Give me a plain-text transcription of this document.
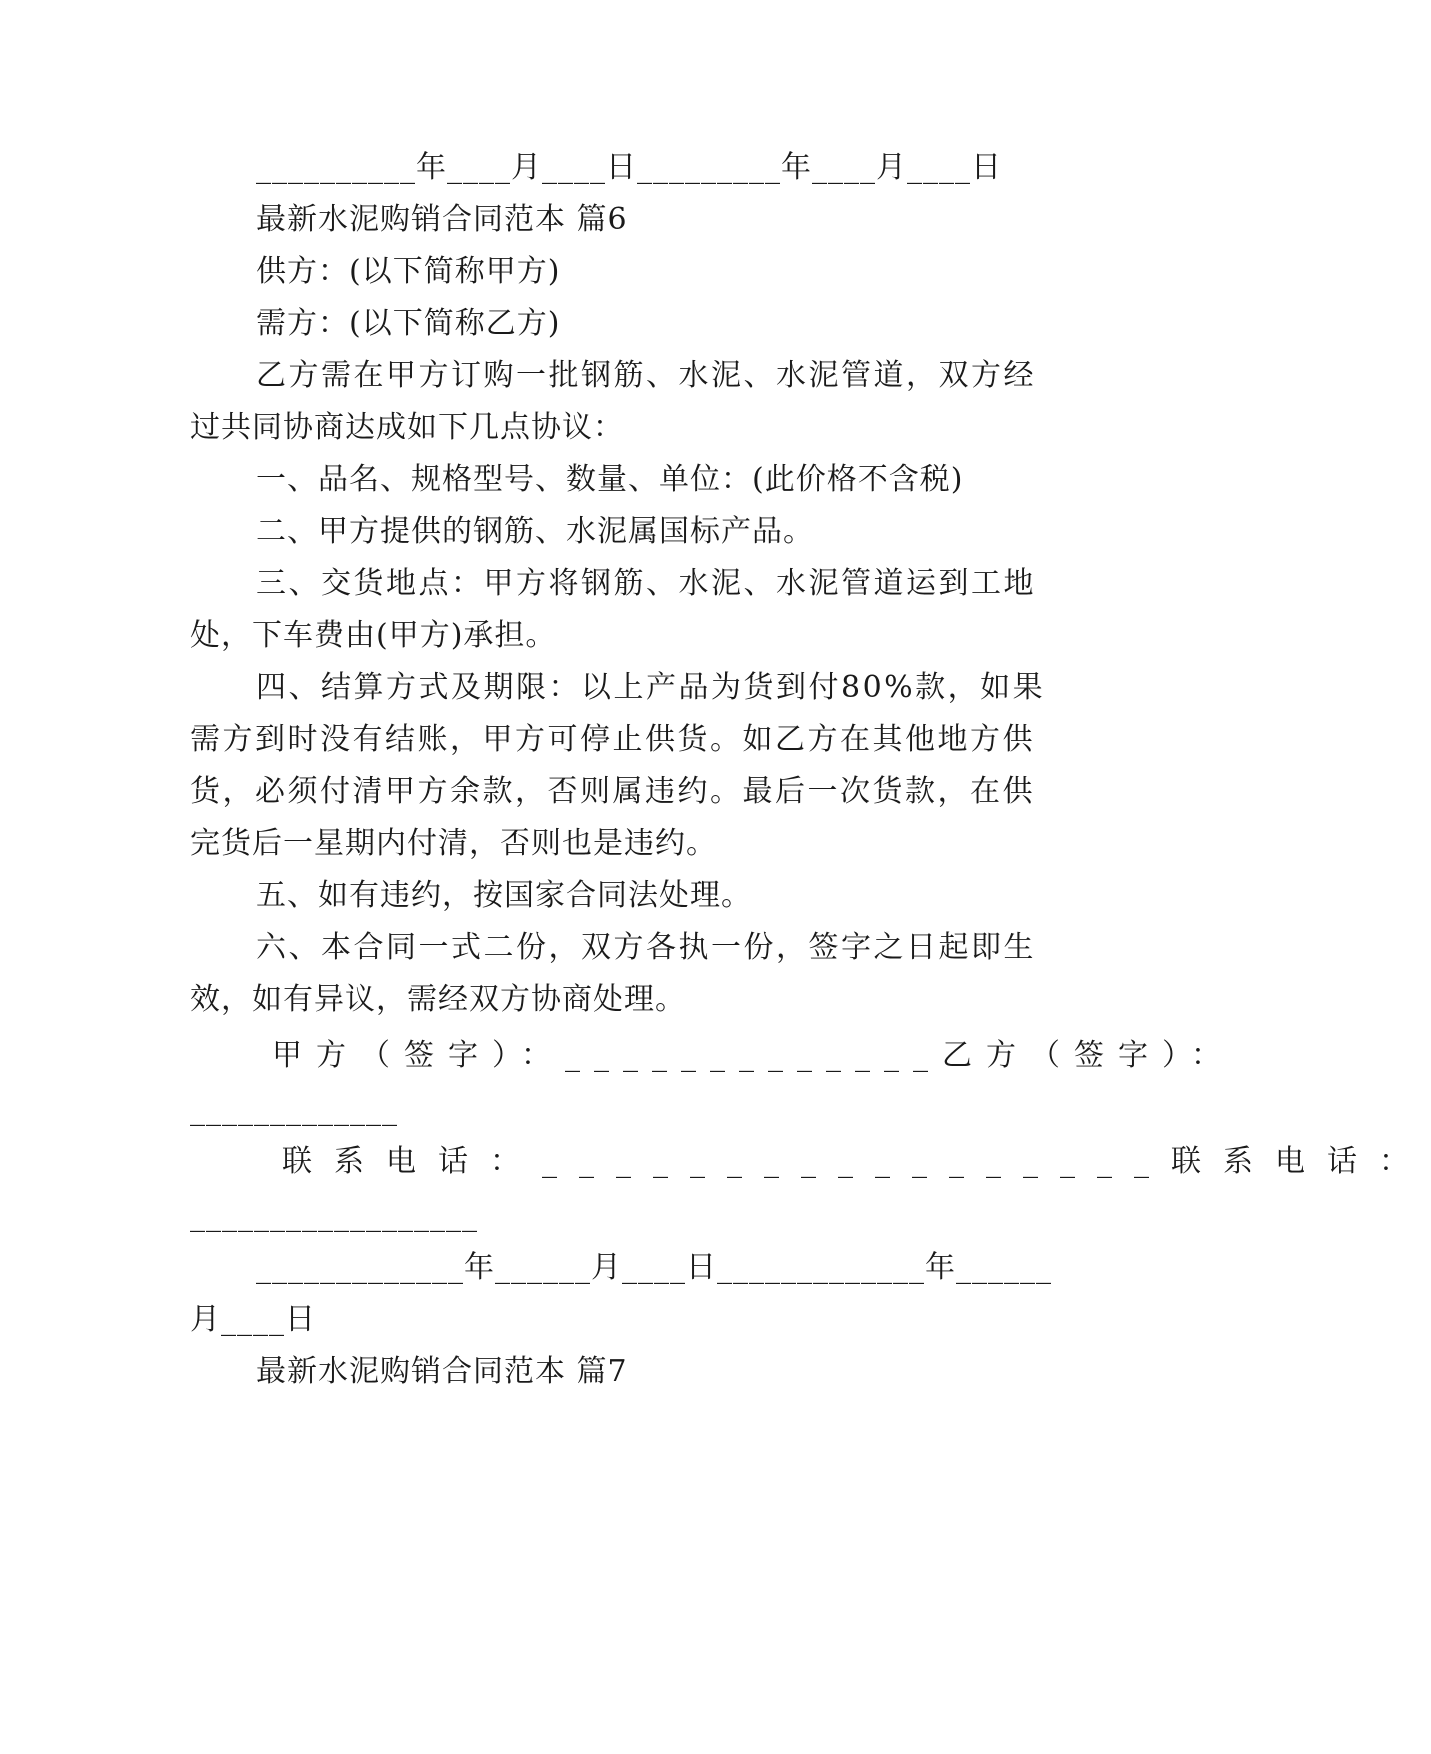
__________年____月____日_________年____月____日
最新水泥购销合同范本 篇6
供方：(以下简称甲方)
需方：(以下简称乙方)
乙方需在甲方订购一批钢筋、水泥、水泥管道，双方经
过共同协商达成如下几点协议：
一、品名、规格型号、数量、单位：(此价格不含税)
二、甲方提供的钢筋、水泥属国标产品。
三、交货地点：甲方将钢筋、水泥、水泥管道运到工地
处，下车费由(甲方)承担。
四、结算方式及期限：以上产品为货到付80%款，如果
需方到时没有结账，甲方可停止供货。如乙方在其他地方供
货，必须付清甲方余款，否则属违约。最后一次货款，在供
完货后一星期内付清，否则也是违约。
五、如有违约，按国家合同法处理。
六、本合同一式二份，双方各执一份，签字之日起即生
效，如有异议，需经双方协商处理。
甲方（签字）：_____________乙方（签字）：
_____________
联系电话：_________________联系电话：
__________________
_____________年______月____日_____________年______
月____日
最新水泥购销合同范本 篇7
